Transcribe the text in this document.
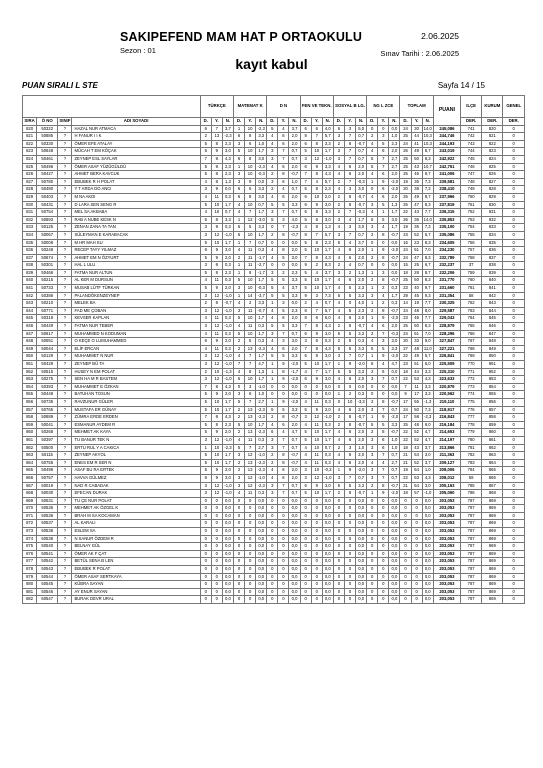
SAKIPEFEND MAM HAT P ORTAOKULU	2.06.2025
Sezon : 01	Sınav Tarihi : 2.06.2025
kayıt kabul
PUAN SIRALI L STE	Sayfa 14 / 15
				TÜRKÇE			MATEMAT K			D N			FEN VE TEKN.			SOSYAL B LG.			NG L ZCE			TOPLAM			PUANI	ILÇE	KURUM	GENEL
SIRA	Ö NO	SINIF	ADI SOYADI	D.	Y.	N.	D.	Y.	N.	D.	Y.	N.	D.	Y.	N.	D.	Y.	N.	D.	Y.	N.	D.	Y.	N.		DER.	DER.	DER.
820	50322	?	HAZAL NUR ATMACA	6	7	3,7	1	10	-2,3	5	4	3,7	6	6	4,0	6	3	5,0	0	0	0,0	24	30	14,0	245,086	741	820	0
821	50885	?	H FANUR I I K	2	13	-2,3	6	8	3,3	4	6	2,0	8	7	5,7	3	7	0,7	2	3	1,0	25	44	10,3	244,746	742	821	0
822	50330	?	ÖMER EFE ATALAY	5	8	2,3	3	6	1,0	4	6	2,0	6	8	3,3	2	8	-0,7	4	5	2,3	24	41	10,3	244,193	743	822	0
823	50648	?	MÜCAH T EM KÖÇAK	6	9	3,0	5	10	1,7	3	7	0,7	5	10	1,7	3	7	0,7	4	6	2,0	26	49	8,7	243,019	744	823	0
824	50461	?	ZEYNEP ESL SAYLAR	7	8	4,3	6	8	3,0	3	7	0,7	3	12	-1,0	3	7	0,7	5	7	2,7	25	50	8,3	242,922	745	824	0
825	50496	?	ÖMER ASAF YÜZÜGÜLDÜ	5	8	2,3	1	10	-2,3	4	6	2,0	6	9	3,3	4	6	2,0	5	7	2,7	25	43	10,7	242,751	746	825	0
826	50427	?	AHMET BERA KAVCUK	5	8	2,3	3	10	-0,3	2	8	-0,7	7	8	4,3	4	6	2,0	4	6	2,0	25	46	8,7	241,006	747	826	0
827	50780	?	EBUBEK R H POLAT	4	8	1,3	3	9	0,0	3	6	1,0	7	4	5,7	2	7	-0,3	1	9	-2,0	19	35	7,3	239,581	748	827	0
828	50480	?	Y T ARDA DO ANCI	3	9	0,0	6	6	3,3	2	4	0,7	5	8	2,3	4	3	3,0	0	6	-2,0	20	38	7,3	238,410	749	828	0
829	50403	?	M NA AKDI	4	11	0,3	6	8	3,0	4	6	2,0	6	10	2,0	2	8	-0,7	4	6	2,0	25	49	8,7	237,966	750	829	0
830	50431	?	D LARA SEN SENG R	5	10	1,7	4	10	0,7	5	5	3,3	6	9	3,0	2	8	-0,7	3	5	1,3	25	47	8,3	237,819	751	830	0
831	50754	?	MEL SA AKBABA	4	10	0,7	4	7	1,7	3	7	0,7	6	8	3,3	2	7	-0,3	4	1	1,7	22	43	7,7	236,315	752	831	0
832	50893	?	RAB A NUBE KESK N	6	8	3,3	1	12	-3,0	5	3	4,0	5	6	3,0	3	4	1,7	5	5	3,0	26	36	14,0	235,853	753	832	0
833	50125	?	ZENAN ZANA TA TAN	3	8	0,3	5	5	3,3	0	7	-2,3	4	8	1,3	4	3	3,0	3	4	1,7	19	35	7,3	235,100	754	833	0
834	50067	?	SÜLEYMAN E KARABACAK	3	12	-1,0	5	10	1,7	2	8	-0,7	8	7	5,7	3	7	0,7	2	8	-0,7	23	52	5,7	235,086	755	834	0
835	50006	?	M HR MAH SU	5	10	1,7	1	7	0,7	0	0	0,0	5	8	2,3	5	4	3,7	0	0	0,0	16	23	8,3	234,605	756	835	0
836	50248	?	RECEP TAYY YILMAZ	6	9	3,0	4	11	0,3	4	8	2,0	5	10	1,7	4	6	2,0	1	9	-2,0	24	51	7,0	234,230	757	836	0
837	50674	?	AHMET EM N ÖZYURT	5	9	2,0	2	11	-1,7	4	5	3,0	7	8	4,3	4	6	2,0	2	8	-0,7	24	47	8,3	232,789	758	837	0
838	50301	?	HAL L ULU	3	8	0,3	1	11	-2,7	0	0	0,0	9	2	8,3	2	4	0,7	0	0	0,0	15	25	6,7	232,237	37	838	0
839	50466	?	FATMA NUR ALTUN	5	8	2,3	1	8	-1,7	3	2	2,3	5	4	3,7	3	2	1,3	1	3	0,0	18	28	8,7	232,206	759	839	0
840	50215	?	AL KER M DURSUN	4	11	0,3	5	10	1,7	5	5	3,3	5	10	1,7	4	6	2,0	2	8	-0,7	25	50	8,3	231,770	760	840	0
841	50733	?	MUSAB LÜTF TÜRKAN	5	9	2,0	3	10	-0,3	5	4	3,7	5	10	1,7	4	5	2,3	1	2	0,3	23	40	9,7	231,660	761	841	0
842	50386	?	PALANDÖKENZEYNEP	3	12	-1,0	1	14	-3,7	5	5	3,3	9	3	7,3	5	5	3,3	3	4	1,7	29	45	9,3	231,354	58	842	0
843	50210	?	MELEK BA	2	8	-0,7	4	2	3,3	1	3	0,0	2	4	0,7	4	0	4,0	1	2	0,3	14	19	7,7	230,325	762	843	0
844	50771	?	FAD ME ÇOBAN	3	12	-1,0	3	11	-0,7	4	5	2,3	8	7	5,7	4	5	2,3	2	8	-0,7	24	48	8,0	229,587	763	844	0
845	50319	?	KEVSER KAPLAN	4	11	0,3	5	10	1,7	4	6	2,0	8	6	6,0	4	6	2,0	1	9	-2,0	23	46	7,7	229,043	764	845	0
846	50449	?	FATMA NUR TEBER	3	12	-1,0	4	11	0,3	5	5	3,3	7	8	4,3	2	8	-0,7	4	6	2,0	25	50	8,3	228,879	765	846	0
847	50617	?	MUHAMMED N KODUMAN	4	11	0,3	5	10	1,7	3	7	0,7	6	9	3,0	5	5	3,3	2	7	-0,3	24	51	7,0	228,296	766	847	0
848	50551	?	O KEÇE O LUMUHAMMED	6	9	2,0	2	5	0,3	4	3	3,0	3	6	0,3	2	5	0,3	4	3	3,0	20	33	9,0	227,847	767	848	0
849	50044	?	ELİF ERCAN	4	11	0,3	2	13	-2,3	4	6	2,0	7	8	4,3	5	5	3,3	5	5	3,3	27	48	11,0	227,221	768	849	0
850	50129	?	MUHAMMET N NUR	3	12	-1,0	4	7	1,7	5	5	3,3	6	9	3,0	3	7	0,7	1	9	-2,0	22	49	5,7	226,841	769	850	0
851	50428	?	ZEYNEP BÜ TA	3	12	-1,0	7	7	4,7	1	9	-2,0	5	10	1,7	1	9	-2,0	6	4	4,7	23	51	6,0	225,509	770	851	0
852	50515	?	HUSEY N EM POLAT	2	10	-1,3	4	8	1,3	1	8	-1,7	4	7	1,7	5	5	3,3	2	6	0,0	18	44	3,3	225,310	771	852	0
853	50275	?	SEN HA M R BASTEM	3	12	-1,0	5	10	1,7	1	9	-2,0	6	9	3,0	4	6	2,0	3	7	0,7	22	53	4,3	223,633	772	853	0
854	50393	?	MUHAMMET E ÖZKAN	7	8	4,3	0	3	-1,0	0	0	0,0	0	0	0,0	0	0	0,0	0	0	0,0	7	11	3,3	220,879	773	854	0
855	50448	?	BATUHAN TOSUN	5	9	2,0	3	6	1,0	0	0	0,0	0	0	0,0	1	2	0,3	0	0	0,0	9	17	3,3	220,562	774	855	0
856	50735	?	RAVZUNUR GÜLER	5	10	1,7	5	7	2,7	1	9	-2,0	4	11	0,3	0	10	-3,3	2	8	-0,7	17	55	-1,3	219,110	775	856	0
857	50765	?	MUSTAFA ER GÜNAY	5	10	1,7	2	13	-2,3	5	5	3,3	5	9	2,0	4	6	2,0	3	7	0,7	24	50	7,3	218,917	776	857	0
858	50889	?	ZÜMRA ERDE ERDEN	7	8	4,3	2	13	-2,3	2	8	-0,7	3	12	-1,0	2	8	-0,7	1	9	-2,0	17	58	-2,3	216,843	777	858	0
859	50041	?	ESMANUR AYDEM R	5	8	2,3	5	10	1,7	4	6	2,0	4	11	0,3	2	8	-0,7	5	5	3,3	25	48	9,0	216,184	778	859	0
860	50268	?	MEHMET AK KAYA	5	9	2,0	2	13	-2,3	6	4	4,7	5	10	1,7	4	6	2,0	2	8	-0,7	22	52	4,7	214,653	779	860	0
861	50397	?	TU BANUR TEK N	3	12	-1,0	4	11	0,3	3	7	0,7	5	10	1,7	4	6	2,0	3	6	1,0	22	52	4,7	214,197	780	861	0
862	50500	?	ERTU RUL Y A CAKICA	1	10	-2,3	5	7	2,7	3	7	0,7	4	10	0,7	2	3	1,0	3	6	1,0	18	43	3,7	213,866	781	862	0
863	50115	?	ZEYNEP AKYOL	5	10	1,7	3	12	-1,0	2	8	-0,7	4	11	0,3	4	6	2,0	3	7	0,7	21	54	3,0	211,363	782	863	0
864	50755	?	ENES EM R SER N	5	10	1,7	2	13	-2,3	2	8	-0,7	4	11	0,3	4	6	2,0	4	4	2,7	21	52	3,7	209,127	783	864	0
865	50499	?	ASAF BU RA ERTEK	5	9	2,0	2	13	-2,3	4	6	2,0	3	10	-0,3	1	9	-2,0	3	7	0,7	19	54	1,0	208,006	784	865	0
866	50757	?	HAVVA GÜLMEZ	6	9	3,0	3	12	-1,0	4	6	2,0	3	12	-1,0	3	7	0,7	3	7	0,7	22	53	4,3	208,012	59	866	0
867	50019	?	NAD R CABADAK	3	12	-1,0	3	12	-2,3	3	7	0,7	6	9	3,0	5	5	3,3	2	8	-0,7	21	54	3,0	205,163	785	867	0
868	50030	?	EFECAN DURAK	3	12	-1,0	4	11	0,3	3	7	0,7	5	10	1,7	2	8	-0,7	1	9	-2,0	18	57	-1,0	205,060	786	868	0
869	50531	?	TU ÇE NUR POLAT	0	0	0,0	0	0	0,0	0	0	0,0	0	0	0,0	0	0	0,0	0	0	0,0	0	0	0,0	203,053	787	869	0
870	50535	?	MEHMET AK ÖZGEL K	0	0	0,0	0	0	0,0	0	0	0,0	0	0	0,0	0	0	0,0	0	0	0,0	0	0	0,0	203,053	787	869	0
871	50536	?	BRAH M SA KOCAMAN	0	0	0,0	0	0	0,0	0	0	0,0	0	0	0,0	0	0	0,0	0	0	0,0	0	0	0,0	203,053	787	869	0
872	50537	?	AL KARALI	0	0	0,0	0	0	0,0	0	0	0,0	0	0	0,0	0	0	0,0	0	0	0,0	0	0	0,0	203,053	787	869	0
873	50538	?	ESLEM SA	0	0	0,0	0	0	0,0	0	0	0,0	0	0	0,0	0	0	0,0	0	0	0,0	0	0	0,0	203,053	787	869	0
874	50539	?	N SANUR ÖZDEM R	0	0	0,0	0	0	0,0	0	0	0,0	0	0	0,0	0	0	0,0	0	0	0,0	0	0	0,0	203,053	787	869	0
875	50540	?	BELNAY GÜL	0	0	0,0	0	0	0,0	0	0	0,0	0	0	0,0	0	0	0,0	0	0	0,0	0	0	0,0	203,053	787	869	0
876	50541	?	ÖMER AK F ÇAT	0	0	0,0	0	0	0,0	0	0	0,0	0	0	0,0	0	0	0,0	0	0	0,0	0	0	0,0	203,053	787	869	0
877	50542	?	BETÜL SENA B LEN	0	0	0,0	0	0	0,0	0	0	0,0	0	0	0,0	0	0	0,0	0	0	0,0	0	0	0,0	203,053	787	869	0
878	50543	?	EBUBEK R POLAT	0	0	0,0	0	0	0,0	0	0	0,0	0	0	0,0	0	0	0,0	0	0	0,0	0	0	0,0	203,053	787	869	0
879	50544	?	ÖMER ASAF SERTKAYA	0	0	0,0	0	0	0,0	0	0	0,0	0	0	0,0	0	0	0,0	0	0	0,0	0	0	0,0	203,053	787	869	0
880	50545	?	KÜBRA SAYAN	0	0	0,0	0	0	0,0	0	0	0,0	0	0	0,0	0	0	0,0	0	0	0,0	0	0	0,0	203,053	787	869	0
881	50546	?	AY ENUR SAYAN	0	0	0,0	0	0	0,0	0	0	0,0	0	0	0,0	0	0	0,0	0	0	0,0	0	0	0,0	203,053	787	869	0
882	50547	?	BURAK DEVR URAL	0	0	0,0	0	0	0,0	0	0	0,0	0	0	0,0	0	0	0,0	0	0	0,0	0	0	0,0	203,053	787	869	0
